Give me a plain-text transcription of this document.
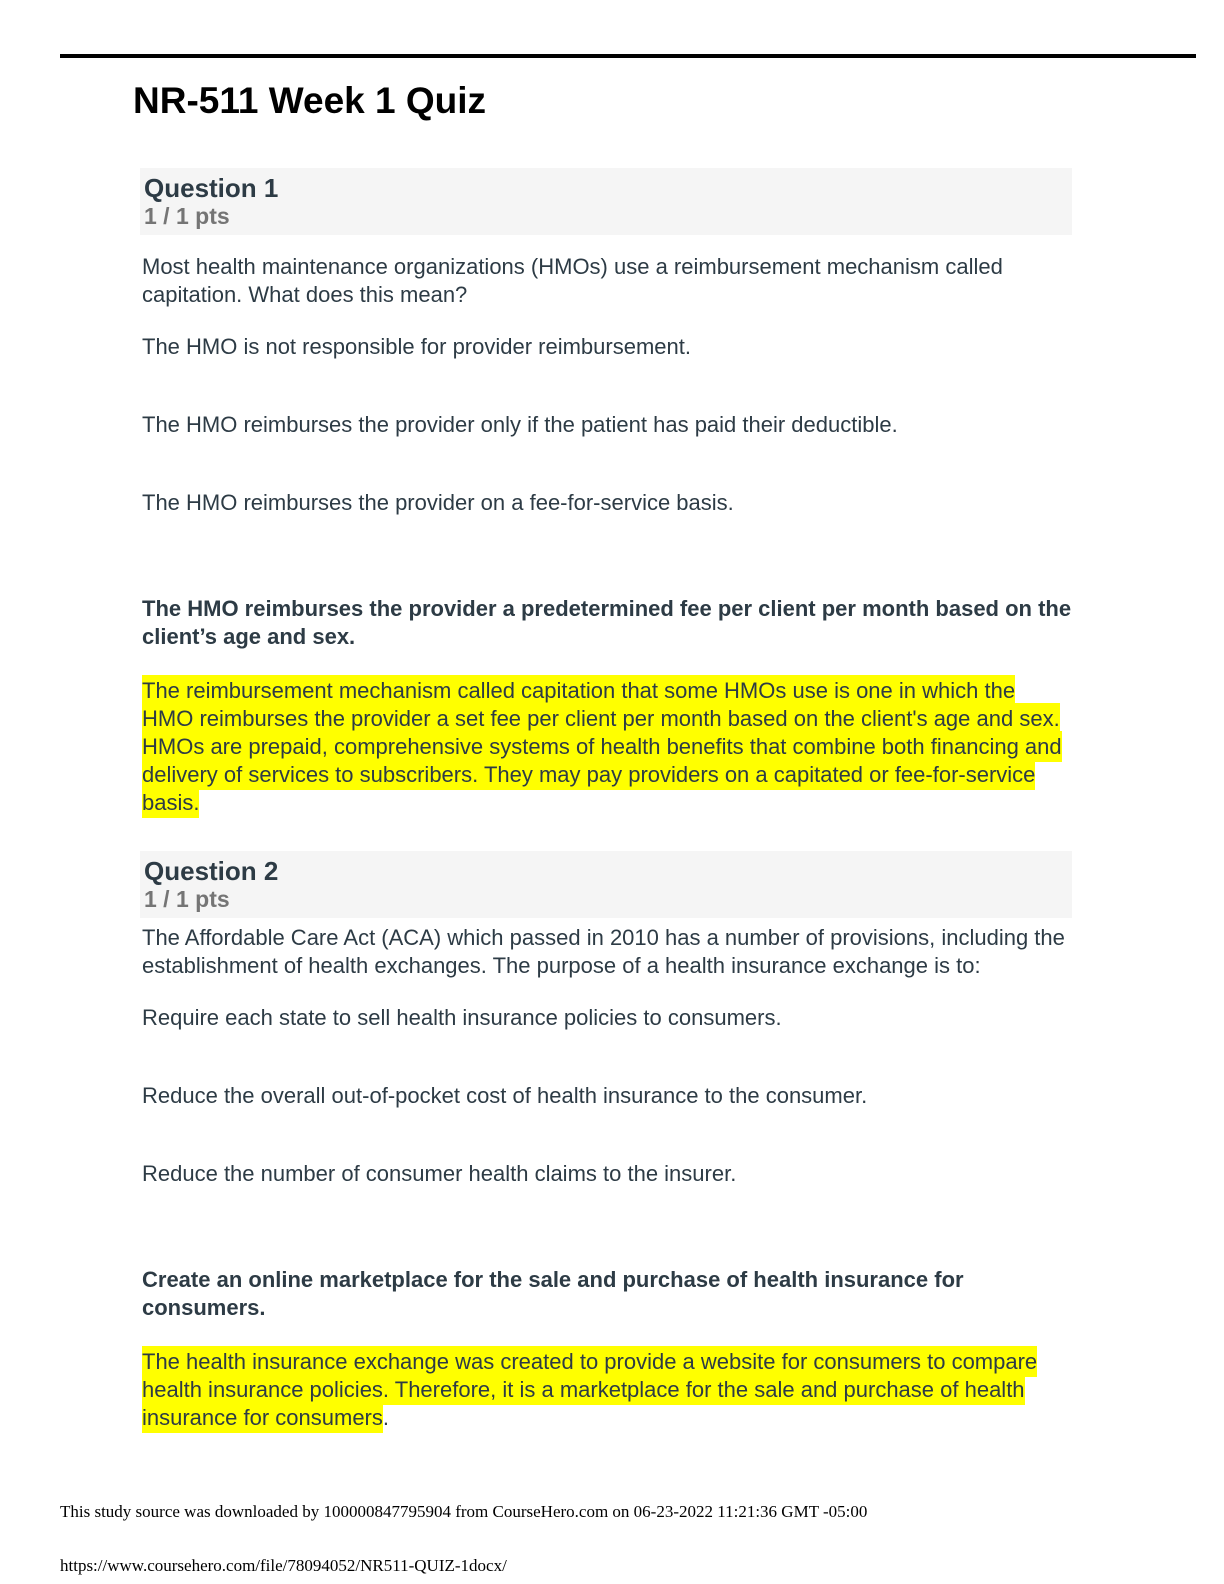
NR-511 Week 1 Quiz
Question 1
1 / 1 pts

Most health maintenance organizations (HMOs) use a reimbursement mechanism called capitation. What does this mean?

The HMO is not responsible for provider reimbursement.

The HMO reimburses the provider only if the patient has paid their deductible.

The HMO reimburses the provider on a fee-for-service basis.

The HMO reimburses the provider a predetermined fee per client per month based on the client’s age and sex.

The reimbursement mechanism called capitation that some HMOs use is one in which the HMO reimburses the provider a set fee per client per month based on the client's age and sex. HMOs are prepaid, comprehensive systems of health benefits that combine both financing and delivery of services to subscribers. They may pay providers on a capitated or fee-for-service basis.

Question 2
1 / 1 pts

The Affordable Care Act (ACA) which passed in 2010 has a number of provisions, including the establishment of health exchanges. The purpose of a health insurance exchange is to:

Require each state to sell health insurance policies to consumers.

Reduce the overall out-of-pocket cost of health insurance to the consumer.

Reduce the number of consumer health claims to the insurer.

Create an online marketplace for the sale and purchase of health insurance for consumers.

The health insurance exchange was created to provide a website for consumers to compare health insurance policies. Therefore, it is a marketplace for the sale and purchase of health insurance for consumers.

This study source was downloaded by 100000847795904 from CourseHero.com on 06-23-2022 11:21:36 GMT -05:00
https://www.coursehero.com/file/78094052/NR511-QUIZ-1docx/
